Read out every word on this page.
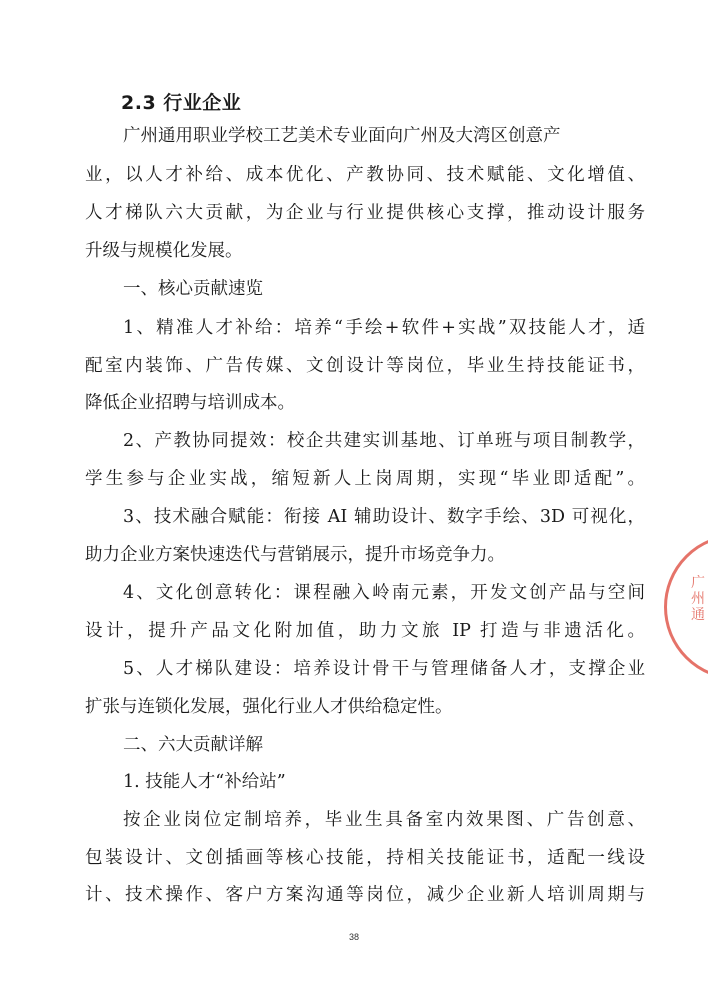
2.3 行业企业
广州通用职业学校工艺美术专业面向广州及大湾区创意产
业，以人才补给、成本优化、产教协同、技术赋能、文化增值、
人才梯队六大贡献，为企业与行业提供核心支撑，推动设计服务
升级与规模化发展。
一、核心贡献速览
1、精准人才补给：培养“手绘+软件+实战”双技能人才，适
配室内装饰、广告传媒、文创设计等岗位，毕业生持技能证书，
降低企业招聘与培训成本。
2、产教协同提效：校企共建实训基地、订单班与项目制教学，
学生参与企业实战，缩短新人上岗周期，实现“毕业即适配”。
3、技术融合赋能：衔接 AI 辅助设计、数字手绘、3D 可视化，
助力企业方案快速迭代与营销展示，提升市场竞争力。
4、文化创意转化：课程融入岭南元素，开发文创产品与空间
设计，提升产品文化附加值，助力文旅 IP 打造与非遗活化。
5、人才梯队建设：培养设计骨干与管理储备人才，支撑企业
扩张与连锁化发展，强化行业人才供给稳定性。
二、六大贡献详解
1. 技能人才“补给站”
按企业岗位定制培养，毕业生具备室内效果图、广告创意、
包装设计、文创插画等核心技能，持相关技能证书，适配一线设
计、技术操作、客户方案沟通等岗位，减少企业新人培训周期与
38
广州通
